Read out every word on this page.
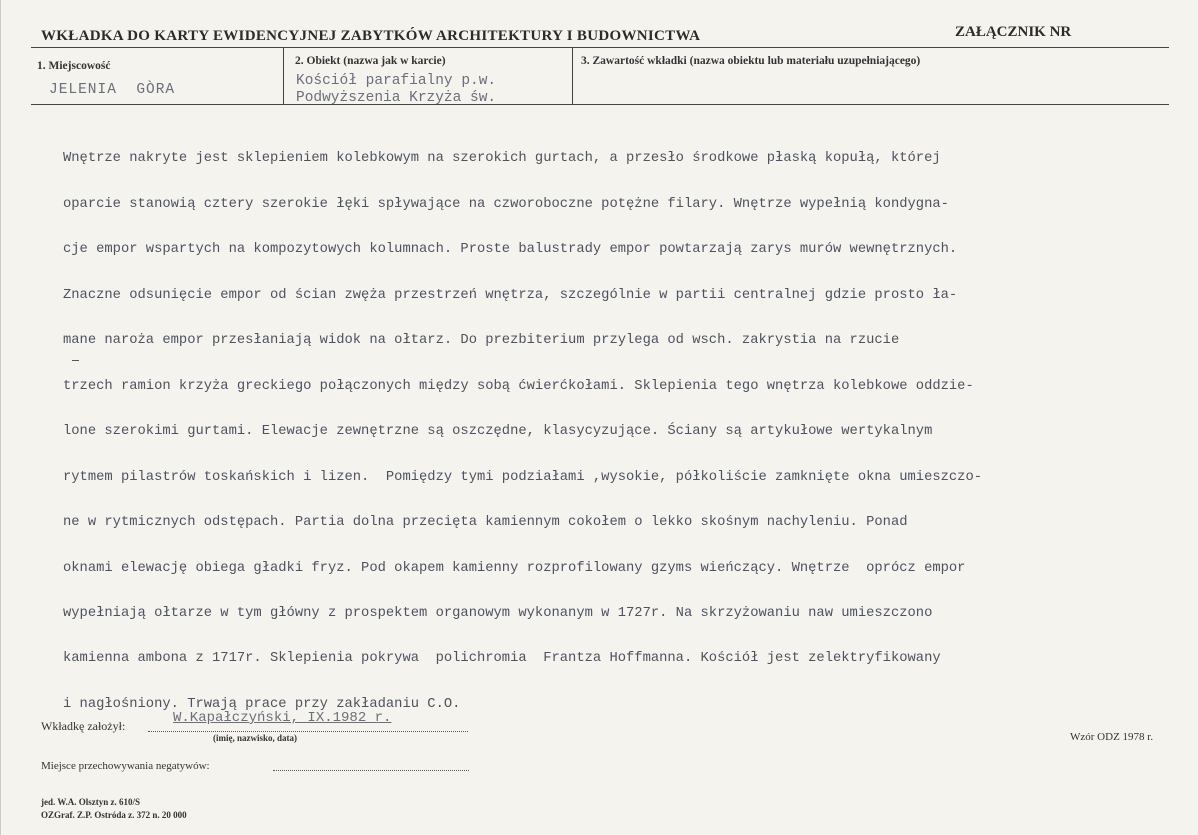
WKŁADKA DO KARTY EWIDENCYJNEJ ZABYTKÓW ARCHITEKTURY I BUDOWNICTWA	ZAŁĄCZNIK NR
1. Miejscowość
JELENIA  GÒRA
2. Obiekt (nazwa jak w karcie)
Kościół parafialny p.w.
Podwyższenia Krzyża św.
3. Zawartość wkładki (nazwa obiektu lub materiału uzupełniającego)

Wnętrze nakryte jest sklepieniem kolebkowym na szerokich gurtach, a przesło środkowe płaską kopułą, której

oparcie stanowią cztery szerokie łęki spływające na czworoboczne potężne filary. Wnętrze wypełnią kondygna-

cje empor wspartych na kompozytowych kolumnach. Proste balustrady empor powtarzają zarys murów wewnętrznych.

Znaczne odsunięcie empor od ścian zwęża przestrzeń wnętrza, szczególnie w partii centralnej gdzie prosto ła-

mane naroża empor przesłaniają widok na ołtarz. Do prezbiterium przylega od wsch. zakrystia na rzucie

trzech ramion krzyża greckiego połączonych między sobą ćwierćkołami. Sklepienia tego wnętrza kolebkowe oddzie-

lone szerokimi gurtami. Elewacje zewnętrzne są oszczędne, klasycyzujące. Ściany są artykułowe wertykalnym

rytmem pilastrów toskańskich i lizen.  Pomiędzy tymi podziałami ,wysokie, półkoliście zamknięte okna umieszczo-

ne w rytmicznych odstępach. Partia dolna przecięta kamiennym cokołem o lekko skośnym nachyleniu. Ponad

oknami elewację obiega gładki fryz. Pod okapem kamienny rozprofilowany gzyms wieńczący. Wnętrze  oprócz empor

wypełniają ołtarze w tym główny z prospektem organowym wykonanym w 1727r. Na skrzyżowaniu naw umieszczono

kamienna ambona z 1717r. Sklepienia pokrywa  polichromia  Frantza Hoffmanna. Kościół jest zelektryfikowany

i nagłośniony. Trwają prace przy zakładaniu C.O.

Wkładkę założył:	W.Kapałczyński, IX.1982 r.
(imię, nazwisko, data)	Wzór ODZ 1978 r.
Miejsce przechowywania negatywów:
jed. W.A. Olsztyn z. 610/S
OZGraf. Z.P. Ostróda z. 372 n. 20 000
